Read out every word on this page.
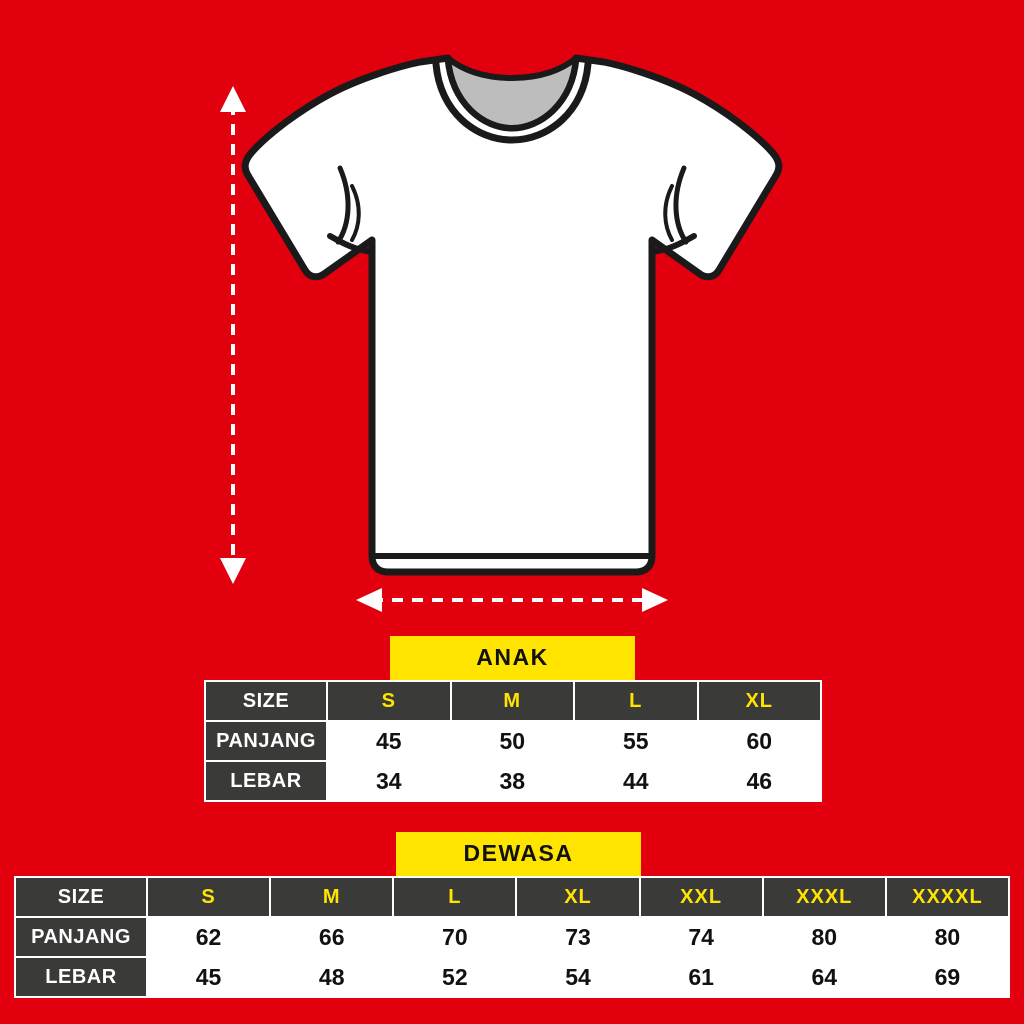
ANAK
SIZE	S	M	L	XL
PANJANG	45	50	55	60
LEBAR	34	38	44	46
DEWASA
SIZE	S	M	L	XL	XXL	XXXL	XXXXL
PANJANG	62	66	70	73	74	80	80
LEBAR	45	48	52	54	61	64	69
